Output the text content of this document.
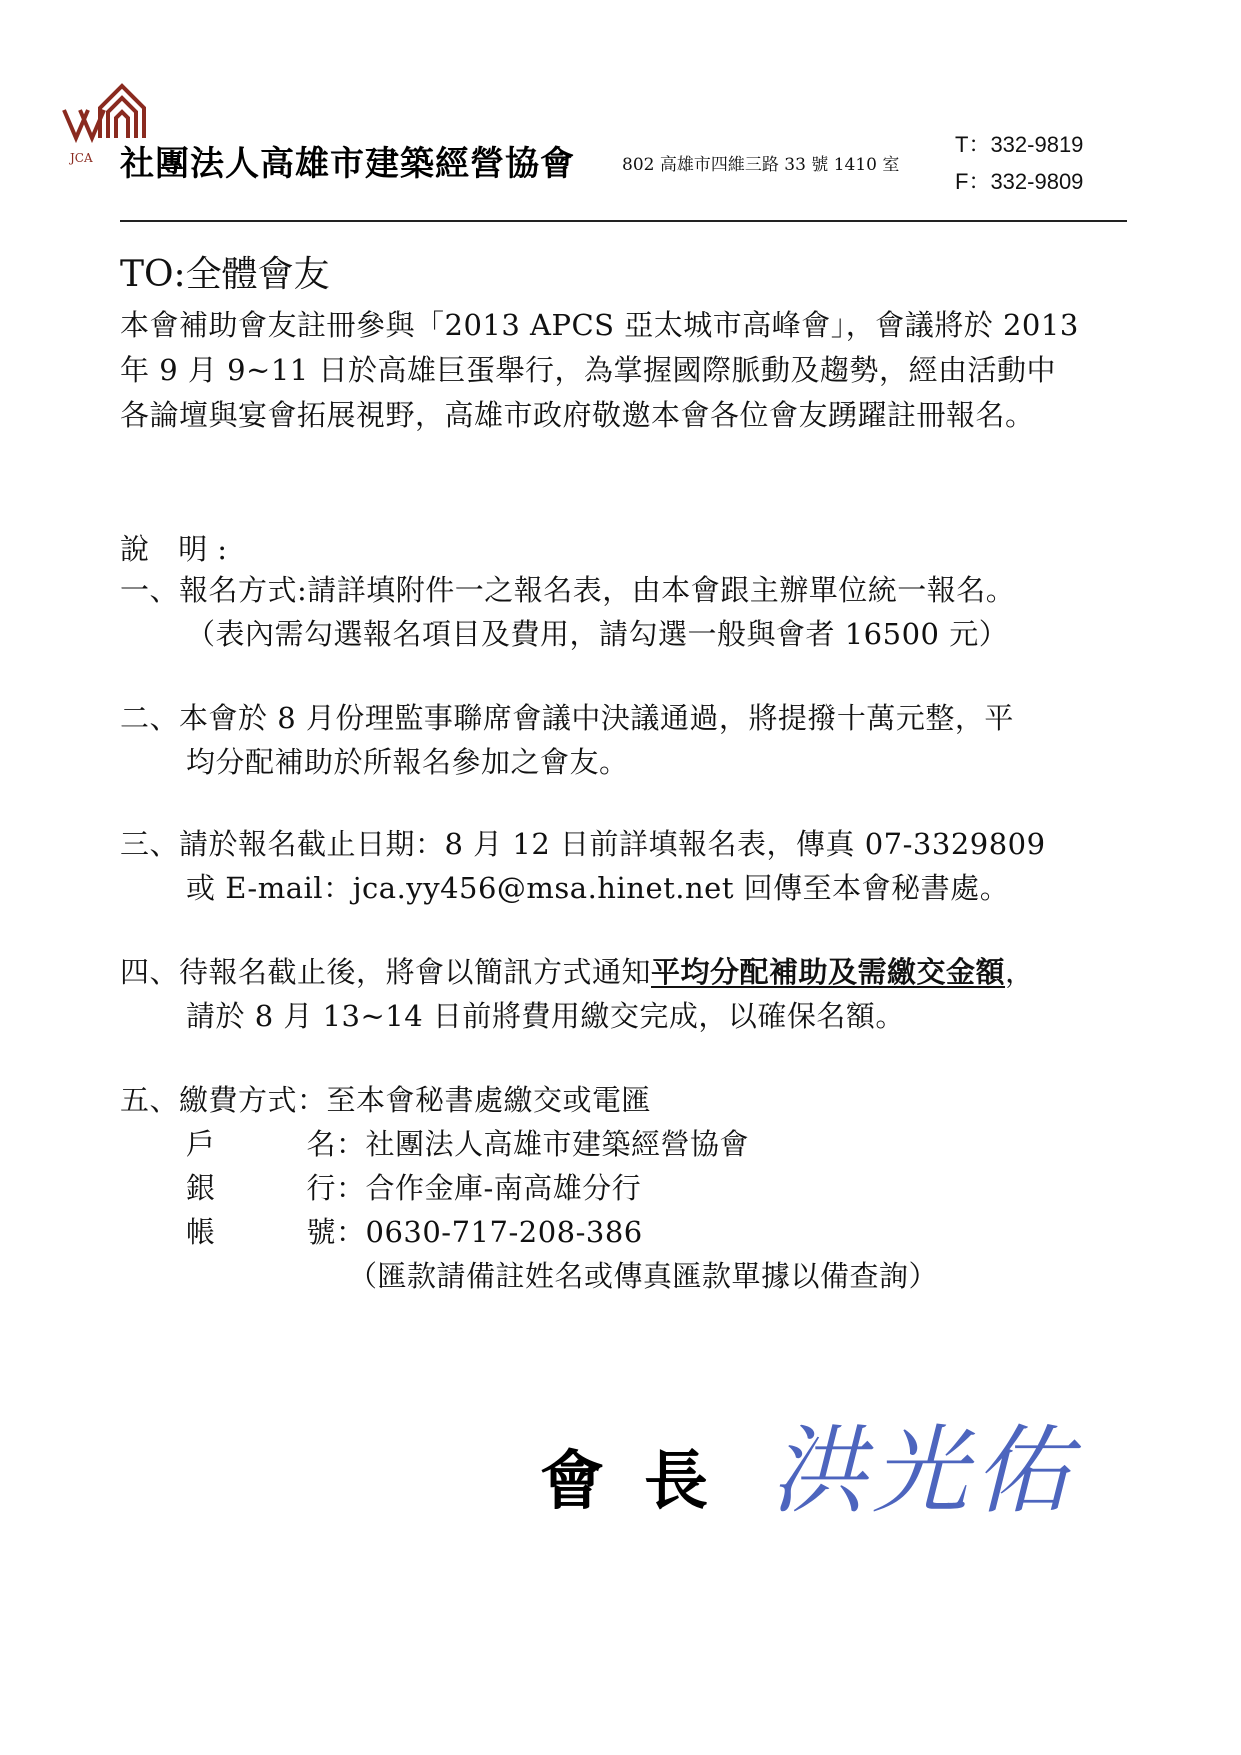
JCA 社團法人高雄市建築經營協會	802 高雄市四維三路 33 號 1410 室
T：332-9819
F：332-9809
TO:全體會友
本會補助會友註冊參與「2013 APCS 亞太城市高峰會」，會議將於 2013
年 9 月 9~11 日於高雄巨蛋舉行，為掌握國際脈動及趨勢，經由活動中
各論壇與宴會拓展視野，高雄市政府敬邀本會各位會友踴躍註冊報名。
說 明:
一、報名方式:請詳填附件一之報名表，由本會跟主辦單位統一報名。
（表內需勾選報名項目及費用，請勾選一般與會者 16500 元）
二、本會於 8 月份理監事聯席會議中決議通過，將提撥十萬元整，平
均分配補助於所報名參加之會友。
三、請於報名截止日期：8 月 12 日前詳填報名表，傳真 07-3329809
或 E-mail：jca.yy456@msa.hinet.net 回傳至本會秘書處。
四、待報名截止後，將會以簡訊方式通知平均分配補助及需繳交金額，
請於 8 月 13~14 日前將費用繳交完成，以確保名額。
五、繳費方式：至本會秘書處繳交或電匯
戶	名 ：社團法人高雄市建築經營協會
銀	行 ：合作金庫-南高雄分行
帳	號 ：0630-717-208-386
（匯款請備註姓名或傳真匯款單據以備查詢）
會長 洪光佑
